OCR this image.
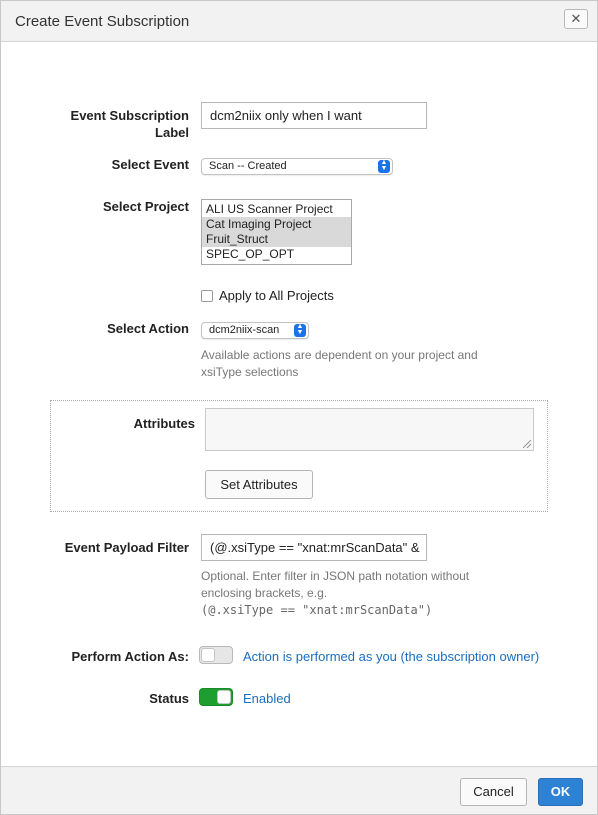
Create Event Subscription	✕
Event Subscription
Label
dcm2niix only when I want
Select Event	Scan -- Created	▲
▼
Select Project	ALI US Scanner Project
Cat Imaging Project
Fruit_Struct
SPEC_OP_OPT
Apply to All Projects
Select Action	dcm2niix-scan	▲
▼
Available actions are dependent on your project and
xsiType selections
Attributes
Set Attributes
Event Payload Filter	(@.xsiType == "xnat:mrScanData" &
Optional. Enter filter in JSON path notation without
enclosing brackets, e.g.
(@.xsiType == "xnat:mrScanData")
Perform Action As:	Action is performed as you (the subscription owner)
Status	Enabled
Cancel	OK
